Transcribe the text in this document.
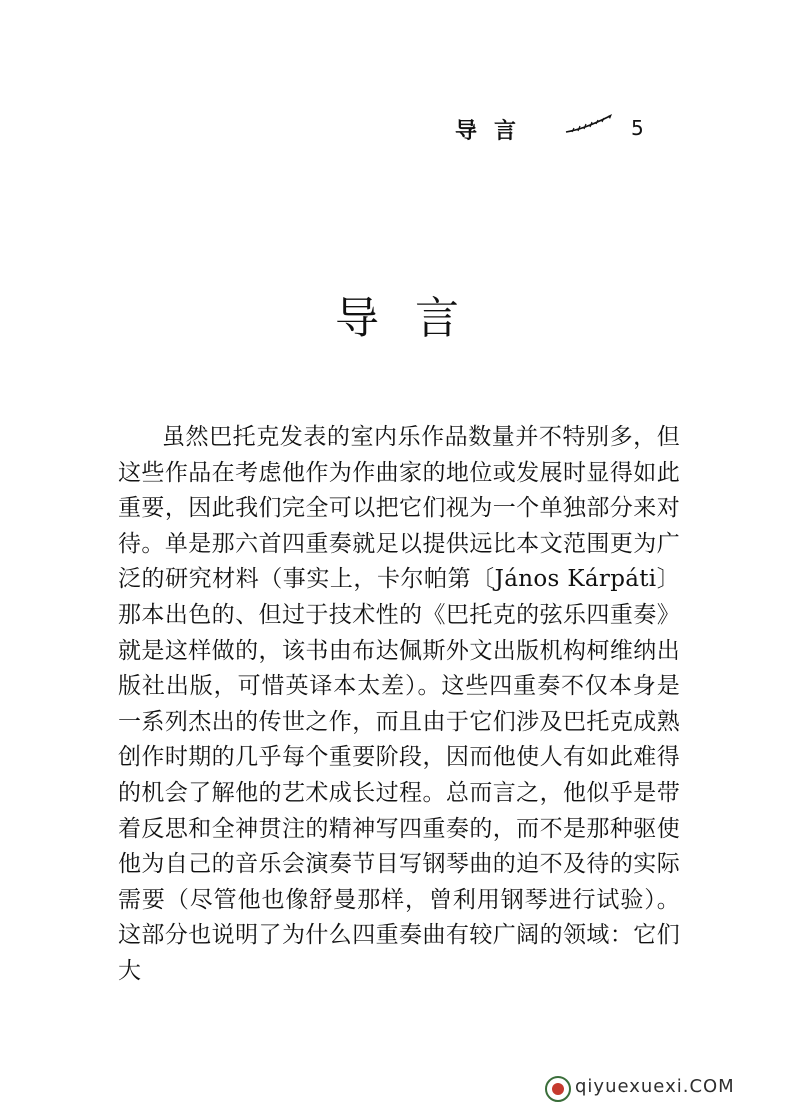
导言	5
导言

虽然巴托克发表的室内乐作品数量并不特别多，但这些作品在考虑他作为作曲家的地位或发展时显得如此重要，因此我们完全可以把它们视为一个单独部分来对待。单是那六首四重奏就足以提供远比本文范围更为广泛的研究材料（事实上，卡尔帕第〔János Kárpáti〕那本出色的、但过于技术性的《巴托克的弦乐四重奏》就是这样做的，该书由布达佩斯外文出版机构柯维纳出版社出版，可惜英译本太差）。这些四重奏不仅本身是一系列杰出的传世之作，而且由于它们涉及巴托克成熟创作时期的几乎每个重要阶段，因而他使人有如此难得的机会了解他的艺术成长过程。总而言之，他似乎是带着反思和全神贯注的精神写四重奏的，而不是那种驱使他为自己的音乐会演奏节目写钢琴曲的迫不及待的实际需要（尽管他也像舒曼那样，曾利用钢琴进行试验）。这部分也说明了为什么四重奏曲有较广阔的领域：它们大

qiyuexuexi.COM
